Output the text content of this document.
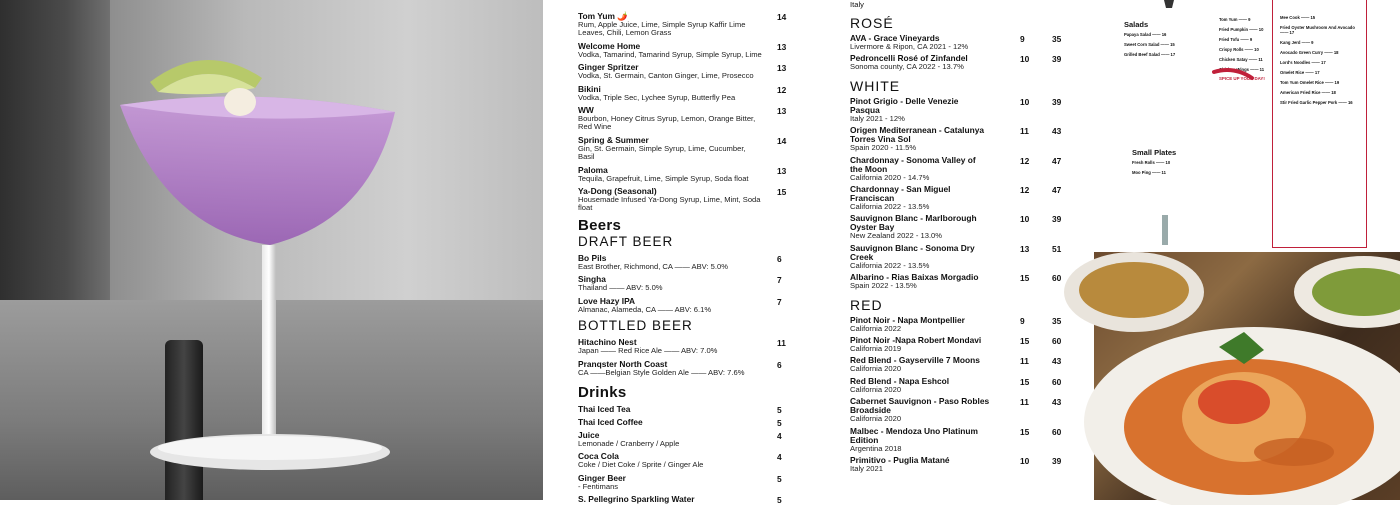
Tom Yum 🌶️
Rum, Apple Juice, Lime, Simple Syrup Kaffir Lime Leaves, Chili, Lemon Grass
14
Welcome Home
Vodka, Tamarind, Tamarind Syrup, Simple Syrup, Lime
13
Ginger Spritzer
Vodka, St. Germain, Canton Ginger, Lime, Prosecco
13
Bikini
Vodka, Triple Sec, Lychee Syrup, Butterfly Pea
12
WW
Bourbon, Honey Citrus Syrup, Lemon, Orange Bitter, Red Wine
13
Spring & Summer
Gin, St. Germain, Simple Syrup, Lime, Cucumber, Basil
14
Paloma
Tequila, Grapefruit, Lime, Simple Syrup, Soda float
13
Ya-Dong (Seasonal)
Housemade Infused Ya-Dong Syrup, Lime, Mint, Soda float
15
Beers
DRAFT BEER
Bo Pils
East Brother, Richmond, CA —— ABV: 5.0%
6
Singha
Thailand —— ABV: 5.0%
7
Love Hazy IPA
Almanac, Alameda, CA —— ABV: 6.1%
7
BOTTLED BEER
Hitachino Nest
Japan —— Red Rice Ale —— ABV: 7.0%
11
Pranqster North Coast
CA ——Belgian Style Golden Ale —— ABV: 7.6%
6
Drinks
Thai Iced Tea	5
Thai Iced Coffee	5
Juice
Lemonade / Cranberry / Apple
4
Coca Cola
Coke / Diet Coke / Sprite / Ginger Ale
4
Ginger Beer
- Fentimans
5
S. Pellegrino Sparkling Water	5
Italy
ROSÉ
AVA - Grace Vineyards
Livermore & Ripon, CA 2021 - 12%
9	35
Pedroncelli Rosé of Zinfandel
Sonoma county, CA 2022 - 13.7%
10	39
WHITE
Pinot Grigio - Delle Venezie Pasqua
Italy 2021 - 12%
10	39
Origen Mediterranean - Catalunya Torres Vina Sol
Spain 2020 - 11.5%
11	43
Chardonnay - Sonoma Valley of the Moon
California 2020 - 14.7%
12	47
Chardonnay - San Miguel Franciscan
California 2022 - 13.5%
12	47
Sauvignon Blanc - Marlborough Oyster Bay
New Zealand 2022 - 13.0%
10	39
Sauvignon Blanc - Sonoma Dry Creek
California 2022 - 13.5%
13	51
Albarino - Rias Baixas Morgadio
Spain 2022 - 13.5%
15	60
RED
Pinot Noir - Napa Montpellier
California 2022
9	35
Pinot Noir -Napa Robert Mondavi
California 2019
15	60
Red Blend - Gayserville 7 Moons
California 2020
11	43
Red Blend - Napa Eshcol
California 2020
15	60
Cabernet Sauvignon - Paso Robles Broadside
California 2020
11	43
Malbec - Mendoza Uno Platinum Edition
Argentina 2018
15	60
Primitivo - Puglia Matané
Italy 2021
10	39
Salads
Papaya Salad —— 16
Sweet Corn Salad —— 15
Grilled Beef Salad —— 17
Small Plates
Fresh Rolls —— 10
Moo Ping —— 11
Tom Yum —— 9
Fried Pumpkin —— 10
Fried Tofu —— 9
Crispy Rolls —— 10
Chicken Satay —— 11
Chicken Wings —— 11
SPICE UP YOUR DAY!
Mee Cook —— 15
Fried Oyster Mushroom And Avocado —— 17
Kang Jerd —— 9
Avocado Green Curry —— 18
Lord's Noodles —— 17
Omelet Rice —— 17
Tom Yum Omelet Rice —— 19
American Fried Rice —— 18
Stir Fried Garlic Pepper Pork —— 16
